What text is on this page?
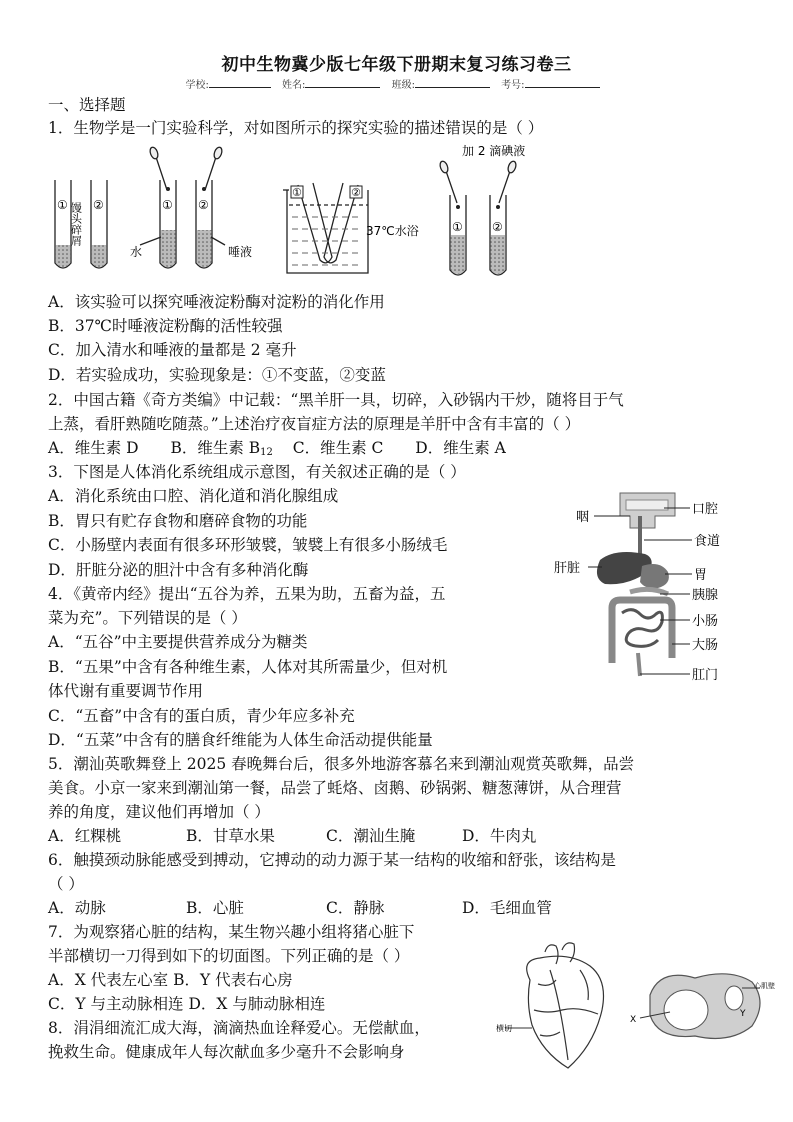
初中生物冀少版七年级下册期末复习练习卷三
学校:	姓名:	班级:	考号:
一、选择题
1．生物学是一门实验科学，对如图所示的探究实验的描述错误的是（ ）
① ②
馒头碎屑	① ②
水	唾液
①	②
37℃水浴
加 2 滴碘液
① ②
A．该实验可以探究唾液淀粉酶对淀粉的消化作用
B．37℃时唾液淀粉酶的活性较强
C．加入清水和唾液的量都是 2 毫升
D．若实验成功，实验现象是：①不变蓝，②变蓝
2．中国古籍《奇方类编》中记载：“黑羊肝一具，切碎，入砂锅内干炒，随将目于气
上蒸，看肝熟随吃随蒸。”上述治疗夜盲症方法的原理是羊肝中含有丰富的（ ）
A．维生素 D B．维生素 $B_{12}$ C．维生素 C D．维生素 A
3．下图是人体消化系统组成示意图，有关叙述正确的是（ ）
A．消化系统由口腔、消化道和消化腺组成
B．胃只有贮存食物和磨碎食物的功能
C．小肠壁内表面有很多环形皱襞，皱襞上有很多小肠绒毛
D．肝脏分泌的胆汁中含有多种消化酶
咽
口腔
食道
肝脏	胃
胰腺
小肠
大肠
肛门
4．《黄帝内经》提出“五谷为养，五果为助，五畜为益，五
菜为充”。下列错误的是（ ）
A．“五谷”中主要提供营养成分为糖类
B．“五果”中含有各种维生素，人体对其所需量少，但对机
体代谢有重要调节作用
C．“五畜”中含有的蛋白质，青少年应多补充
D．“五菜”中含有的膳食纤维能为人体生命活动提供能量
5．潮汕英歌舞登上 2025 春晚舞台后，很多外地游客慕名来到潮汕观赏英歌舞，品尝
美食。小京一家来到潮汕第一餐，品尝了蚝烙、卤鹅、砂锅粥、糖葱薄饼，从合理营
养的角度，建议他们再增加（ ）
A．红粿桃	B．甘草水果	C．潮汕生腌	D．牛肉丸
6．触摸颈动脉能感受到搏动，它搏动的动力源于某一结构的收缩和舒张，该结构是
（ ）
A．动脉	B．心脏	C．静脉	D．毛细血管
7．为观察猪心脏的结构，某生物兴趣小组将猪心脏下
半部横切一刀得到如下的切面图。下列正确的是（ ）
A．X 代表左心室 B．Y 代表右心房
C．Y 与主动脉相连 D．X 与肺动脉相连
横切
X
Y
心肌壁
8．涓涓细流汇成大海，滴滴热血诠释爱心。无偿献血，
挽救生命。健康成年人每次献血多少毫升不会影响身
